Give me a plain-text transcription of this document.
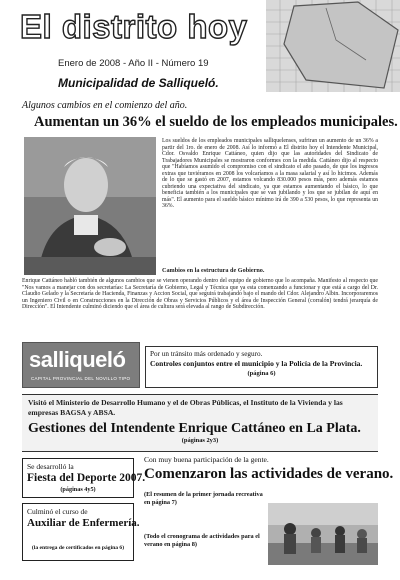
El distrito hoy
Enero de 2008 - Año II - Número 19
Municipalidad de Salliqueló.
Algunos cambios en el comienzo del año.
Aumentan un 36% el sueldo de los empleados municipales.
Los sueldos de los empleados municipales salliquelenses, sufriran un aumento de un 36% a partir del 1ro. de enero de 2008. Así lo informó a El distrito hoy el Intendente Municipal, Cdor. Osvaldo Enrique Cattáneo, quien dijo que las autoridades del Sindicato de Trabajadores Municipales se mostraron conformes con la medida. Cattáneo dijo al respecto que "Habíamos asumido el compromiso con el sindicato el año pasado, de que los ingresos extras que tuviéramos en 2008 los volcaríamos a la masa salarial y así lo hicimos. Además de lo que se gastó en 2007, estamos volcando 830.000 pesos más, pero además estamos cubriendo una expectativa del sindicato, ya que estamos aumentando el básico, lo que beneficia también a los municipales que se van jubilando y los que se jubilan de aquí en más". El aumento para el sueldo básico mínimo irá de 390 a 530 pesos, lo que representa un 36%.
Cambios en la estructura de Gobierno.
Enrique Cattáneo habló también de algunos cambios que se vienen operando dentro del equipo de gobierno que lo acompaña. Manifesto al respecto que "Nos vamos a manejar con dos secretarías: La Secretaría de Gobierno, Legal y Técnica que ya esta comenzando a funcionar y que está a cargo del Dr. Claudio Gelado y la Secretaría de Hacienda, Finanzas y Accion Social, que seguirá trabajando bajo el mando del Cdor. Alejandro Albin. Incorporaremos un Ingeniero Civil o en Construcciones en la Dirección de Obras y Servicios Públicos y el área de Inspección General (corralón) tendrá jerarquía de Dirección". El Intendente culminó diciendo que el área de cultura será elevada al rango de Subdirección.
salliqueló
CAPITAL PROVINCIAL DEL NOVILLO TIPO
Por un tránsito más ordenado y seguro.
Controles conjuntos entre el municipio y la Policía de la Provincia.
(página 6)
Visitó el Ministerio de Desarrollo Humano y el de Obras Públicas, el Instituto de la Vivienda y las empresas BAGSA y ABSA.
Gestiones del Intendente Enrique Cattáneo en La Plata.
(páginas 2y3)
Se desarrolló la
Fiesta del Deporte 2007.
(páginas 4y5)
Culminó el curso de
Auxiliar de Enfermería.
(la entrega de certificados en página 6)
Con muy buena participación de la gente.
Comenzaron las actividades de verano.
(El resumen de la primer jornada recreativa en página 7)
(Todo el cronograma de actividades para el verano en página 8)
